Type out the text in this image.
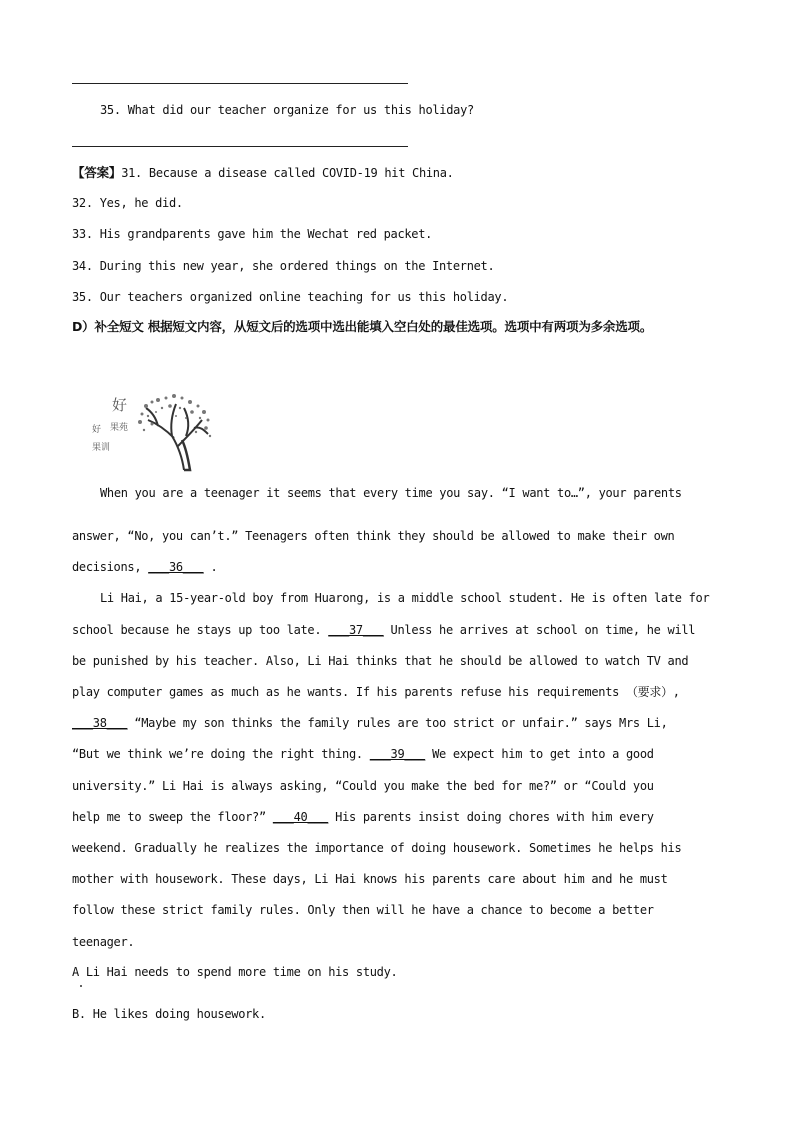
35. What did our teacher organize for us this holiday?
【答案】31. Because a disease called COVID-19 hit China.
32. Yes, he did.
33. His grandparents gave him the Wechat red packet.
34. During this new year, she ordered things on the Internet.
35. Our teachers organized online teaching for us this holiday.
D）补全短文 根据短文内容，从短文后的选项中选出能填入空白处的最佳选项。选项中有两项为多余选项。
好
果苑
好
果训
When you are a teenager it seems that every time you say. “I want to…”, your parents
answer, “No, you can’t.” Teenagers often think they should be allowed to make their own
decisions, ___36___ .
Li Hai, a 15-year-old boy from Huarong, is a middle school student. He is often late for
school because he stays up too late. ___37___ Unless he arrives at school on time, he will
be punished by his teacher. Also, Li Hai thinks that he should be allowed to watch TV and
play computer games as much as he wants. If his parents refuse his requirements （要求）,
___38___ “Maybe my son thinks the family rules are too strict or unfair.” says Mrs Li,
“But we think we’re doing the right thing. ___39___ We expect him to get into a good
university.” Li Hai is always asking, “Could you make the bed for me?” or “Could you
help me to sweep the floor?” ___40___ His parents insist doing chores with him every
weekend. Gradually he realizes the importance of doing housework. Sometimes he helps his
mother with housework. These days, Li Hai knows his parents care about him and he must
follow these strict family rules. Only then will he have a chance to become a better
teenager.
A Li Hai needs to spend more time on his study.
B. He likes doing housework.
